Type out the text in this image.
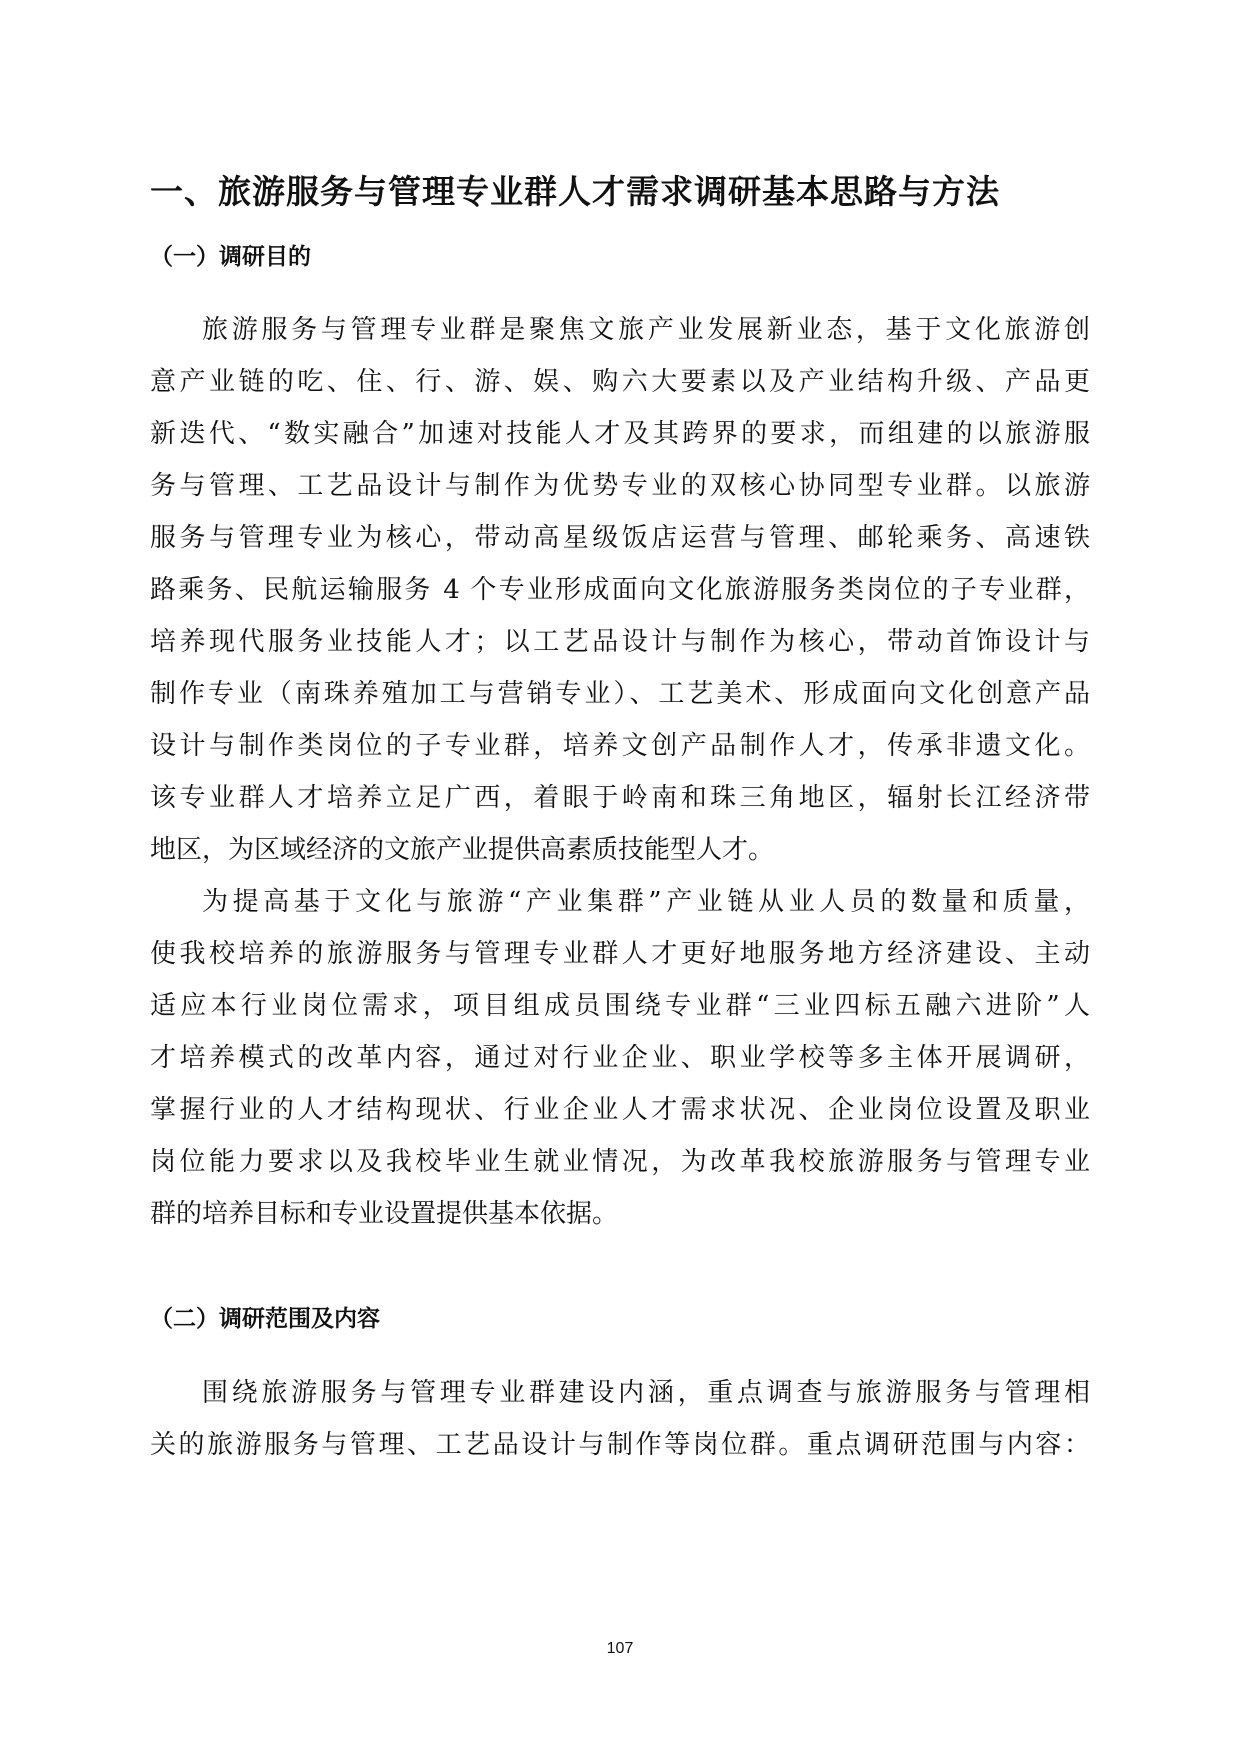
一、旅游服务与管理专业群人才需求调研基本思路与方法
（一）调研目的
旅游服务与管理专业群是聚焦文旅产业发展新业态，基于文化旅游创
意产业链的吃、住、行、游、娱、购六大要素以及产业结构升级、产品更
新迭代、“数实融合”加速对技能人才及其跨界的要求，而组建的以旅游服
务与管理、工艺品设计与制作为优势专业的双核心协同型专业群。以旅游
服务与管理专业为核心，带动高星级饭店运营与管理、邮轮乘务、高速铁
路乘务、民航运输服务 4 个专业形成面向文化旅游服务类岗位的子专业群，
培养现代服务业技能人才；以工艺品设计与制作为核心，带动首饰设计与
制作专业（南珠养殖加工与营销专业）、工艺美术、形成面向文化创意产品
设计与制作类岗位的子专业群，培养文创产品制作人才，传承非遗文化。
该专业群人才培养立足广西，着眼于岭南和珠三角地区，辐射长江经济带
地区，为区域经济的文旅产业提供高素质技能型人才。
为提高基于文化与旅游“产业集群”产业链从业人员的数量和质量，
使我校培养的旅游服务与管理专业群人才更好地服务地方经济建设、主动
适应本行业岗位需求，项目组成员围绕专业群“三业四标五融六进阶”人
才培养模式的改革内容，通过对行业企业、职业学校等多主体开展调研，
掌握行业的人才结构现状、行业企业人才需求状况、企业岗位设置及职业
岗位能力要求以及我校毕业生就业情况，为改革我校旅游服务与管理专业
群的培养目标和专业设置提供基本依据。
（二）调研范围及内容
围绕旅游服务与管理专业群建设内涵，重点调查与旅游服务与管理相
关的旅游服务与管理、工艺品设计与制作等岗位群。重点调研范围与内容：
107
